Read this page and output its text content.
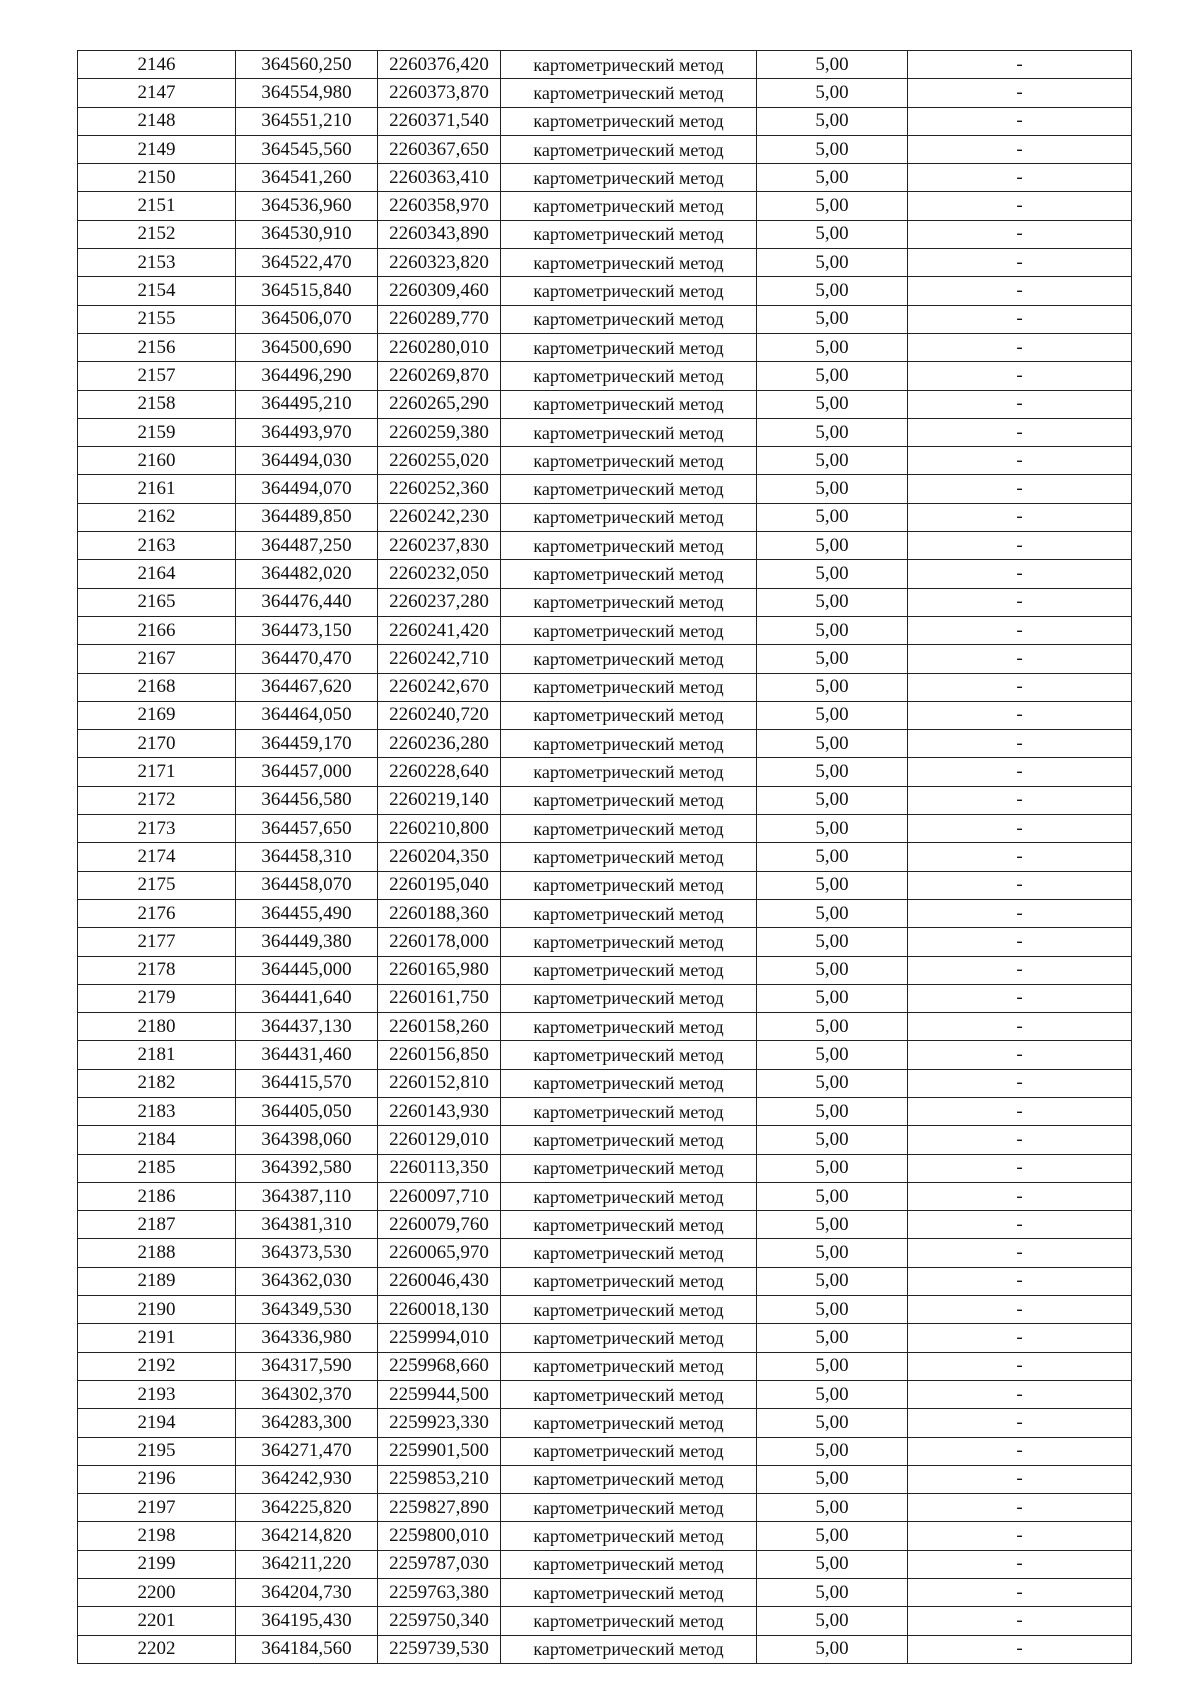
2146	364560,250	2260376,420	картометрический метод	5,00	-
2147	364554,980	2260373,870	картометрический метод	5,00	-
2148	364551,210	2260371,540	картометрический метод	5,00	-
2149	364545,560	2260367,650	картометрический метод	5,00	-
2150	364541,260	2260363,410	картометрический метод	5,00	-
2151	364536,960	2260358,970	картометрический метод	5,00	-
2152	364530,910	2260343,890	картометрический метод	5,00	-
2153	364522,470	2260323,820	картометрический метод	5,00	-
2154	364515,840	2260309,460	картометрический метод	5,00	-
2155	364506,070	2260289,770	картометрический метод	5,00	-
2156	364500,690	2260280,010	картометрический метод	5,00	-
2157	364496,290	2260269,870	картометрический метод	5,00	-
2158	364495,210	2260265,290	картометрический метод	5,00	-
2159	364493,970	2260259,380	картометрический метод	5,00	-
2160	364494,030	2260255,020	картометрический метод	5,00	-
2161	364494,070	2260252,360	картометрический метод	5,00	-
2162	364489,850	2260242,230	картометрический метод	5,00	-
2163	364487,250	2260237,830	картометрический метод	5,00	-
2164	364482,020	2260232,050	картометрический метод	5,00	-
2165	364476,440	2260237,280	картометрический метод	5,00	-
2166	364473,150	2260241,420	картометрический метод	5,00	-
2167	364470,470	2260242,710	картометрический метод	5,00	-
2168	364467,620	2260242,670	картометрический метод	5,00	-
2169	364464,050	2260240,720	картометрический метод	5,00	-
2170	364459,170	2260236,280	картометрический метод	5,00	-
2171	364457,000	2260228,640	картометрический метод	5,00	-
2172	364456,580	2260219,140	картометрический метод	5,00	-
2173	364457,650	2260210,800	картометрический метод	5,00	-
2174	364458,310	2260204,350	картометрический метод	5,00	-
2175	364458,070	2260195,040	картометрический метод	5,00	-
2176	364455,490	2260188,360	картометрический метод	5,00	-
2177	364449,380	2260178,000	картометрический метод	5,00	-
2178	364445,000	2260165,980	картометрический метод	5,00	-
2179	364441,640	2260161,750	картометрический метод	5,00	-
2180	364437,130	2260158,260	картометрический метод	5,00	-
2181	364431,460	2260156,850	картометрический метод	5,00	-
2182	364415,570	2260152,810	картометрический метод	5,00	-
2183	364405,050	2260143,930	картометрический метод	5,00	-
2184	364398,060	2260129,010	картометрический метод	5,00	-
2185	364392,580	2260113,350	картометрический метод	5,00	-
2186	364387,110	2260097,710	картометрический метод	5,00	-
2187	364381,310	2260079,760	картометрический метод	5,00	-
2188	364373,530	2260065,970	картометрический метод	5,00	-
2189	364362,030	2260046,430	картометрический метод	5,00	-
2190	364349,530	2260018,130	картометрический метод	5,00	-
2191	364336,980	2259994,010	картометрический метод	5,00	-
2192	364317,590	2259968,660	картометрический метод	5,00	-
2193	364302,370	2259944,500	картометрический метод	5,00	-
2194	364283,300	2259923,330	картометрический метод	5,00	-
2195	364271,470	2259901,500	картометрический метод	5,00	-
2196	364242,930	2259853,210	картометрический метод	5,00	-
2197	364225,820	2259827,890	картометрический метод	5,00	-
2198	364214,820	2259800,010	картометрический метод	5,00	-
2199	364211,220	2259787,030	картометрический метод	5,00	-
2200	364204,730	2259763,380	картометрический метод	5,00	-
2201	364195,430	2259750,340	картометрический метод	5,00	-
2202	364184,560	2259739,530	картометрический метод	5,00	-
